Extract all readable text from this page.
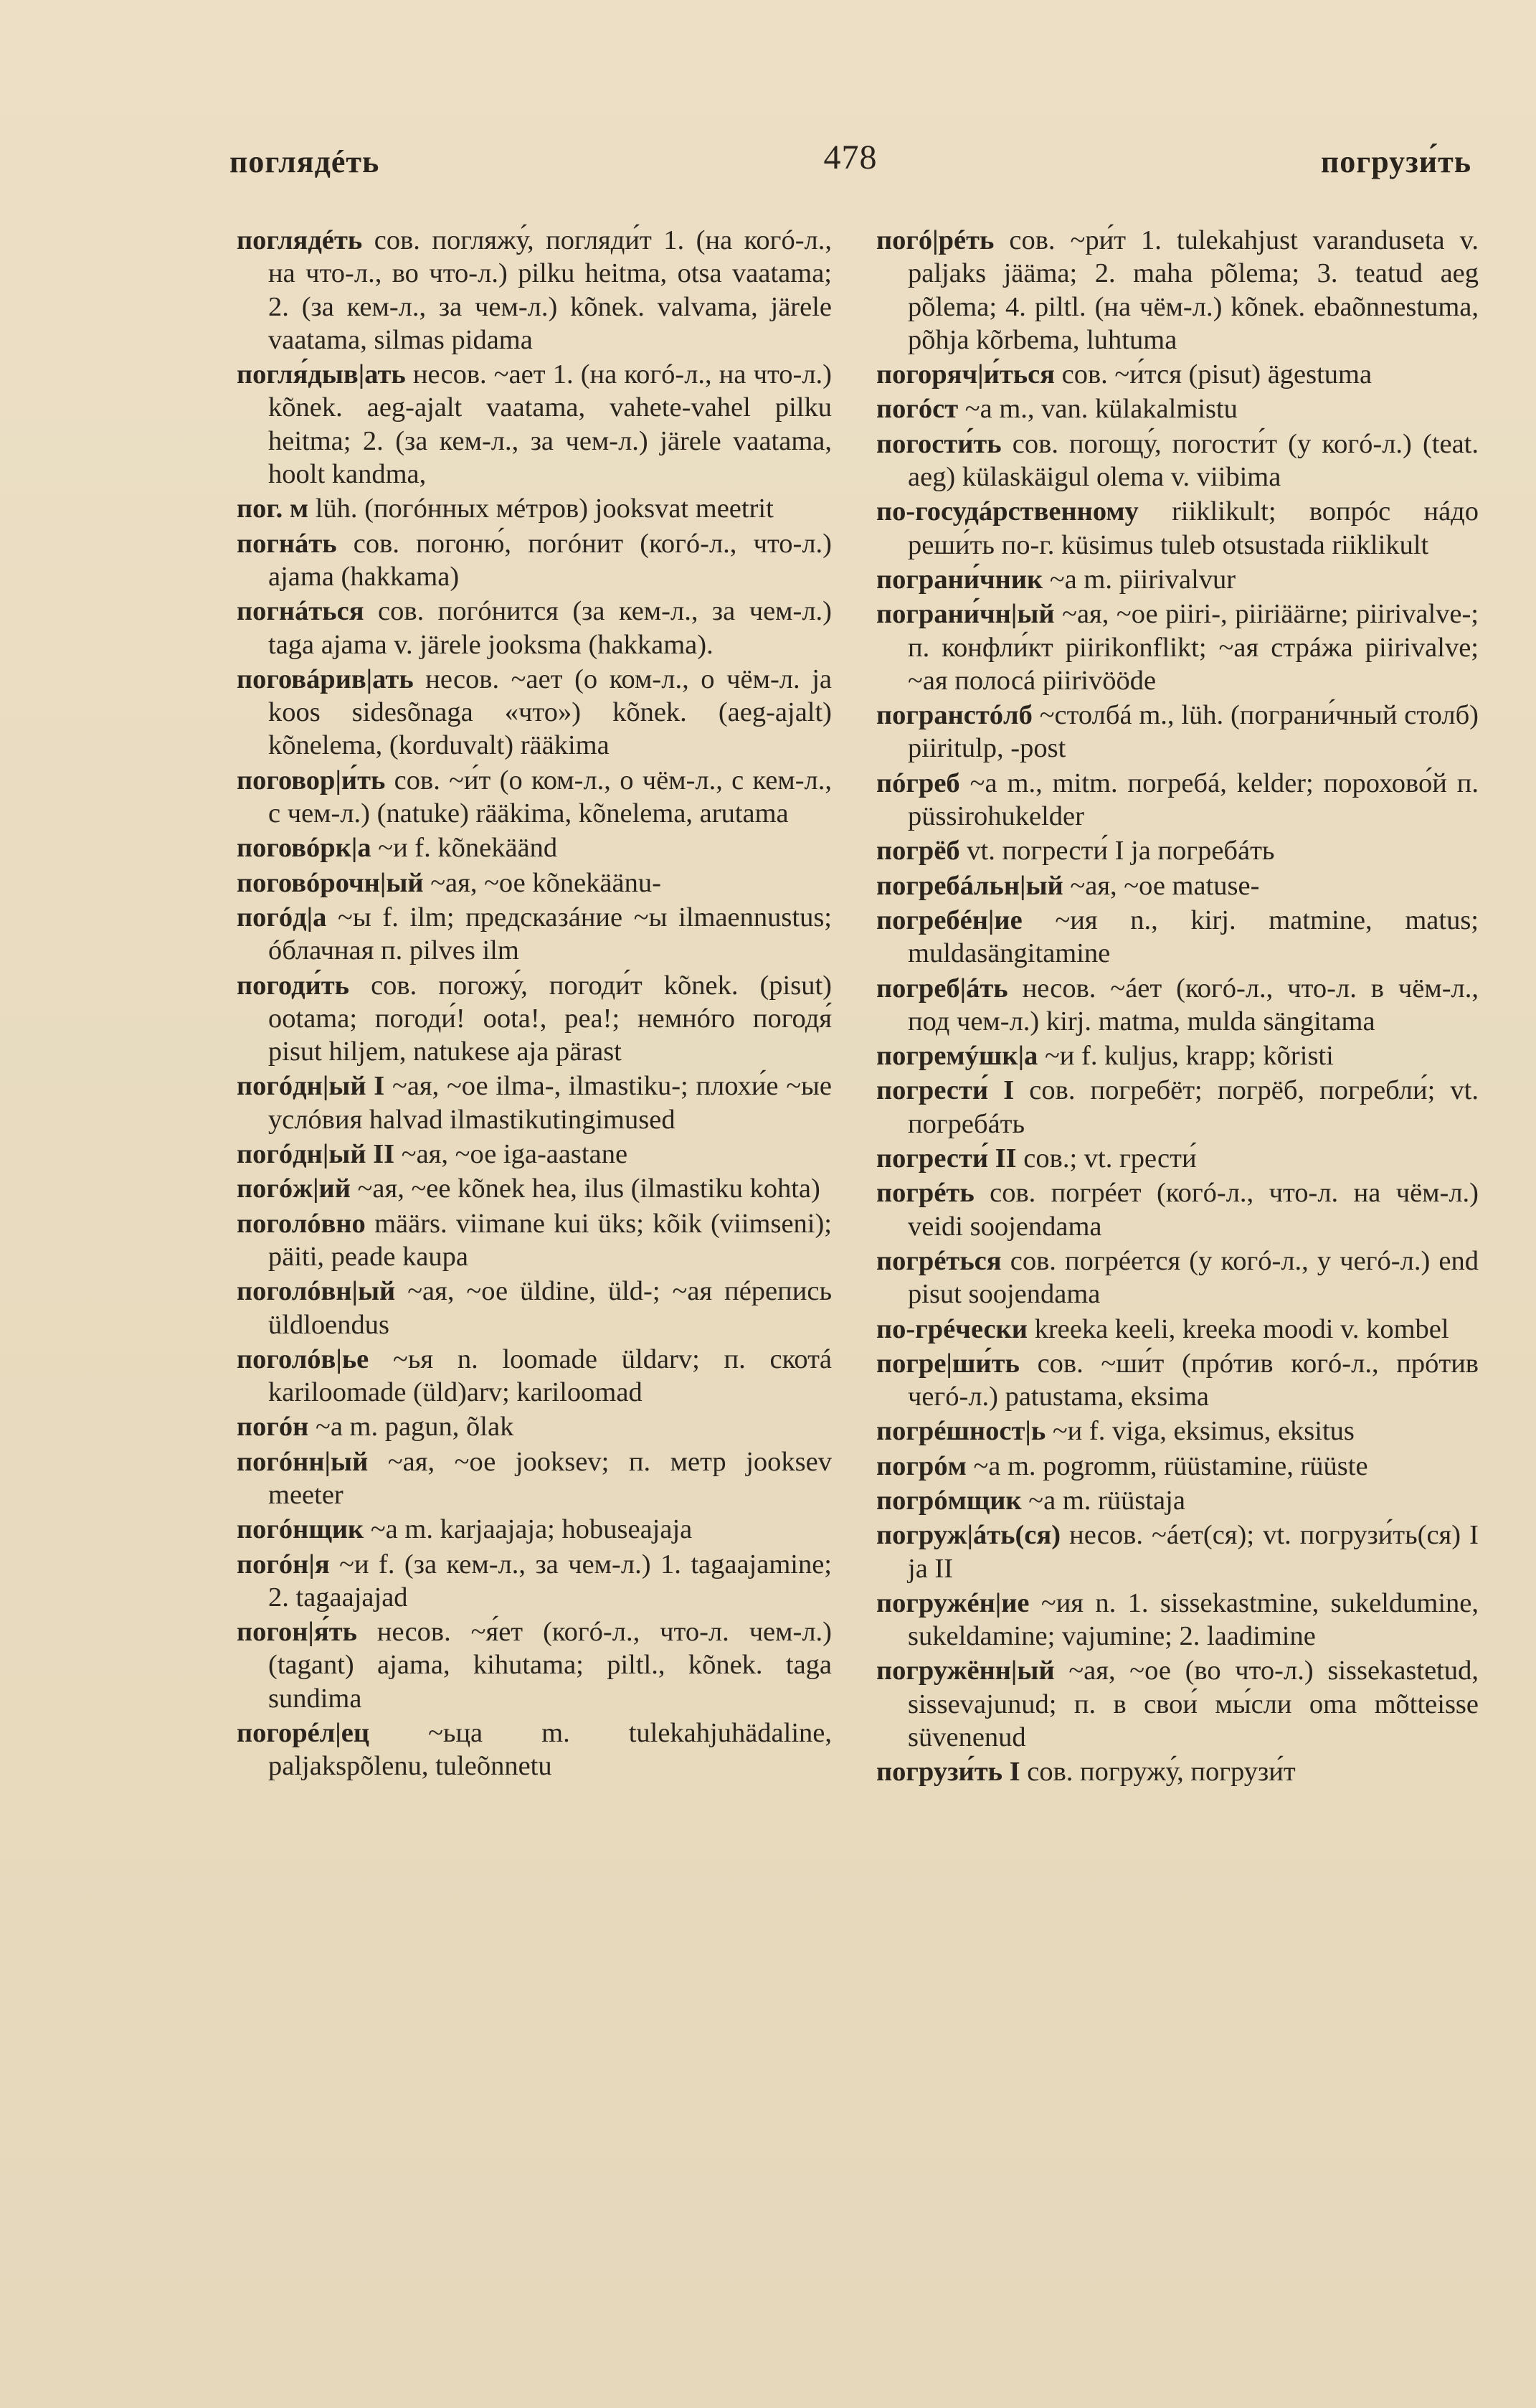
поглядéть	478	погрузи́ть

поглядéть сов. погляжу́, погляди́т 1. (на когó-л., на что-л., во что-л.) pilku heitma, otsa vaatama; 2. (за кем-л., за чем-л.) kõnek. valvama, järele vaatama, silmas pidama

погля́дыв|ать несов. ~ает 1. (на когó-л., на что-л.) kõnek. aeg-ajalt vaatama, vahete-vahel pilku heitma; 2. (за кем-л., за чем-л.) järele vaatama, hoolt kandma,

пог. м lüh. (погóнных мéтров) jooksvat meetrit

погнáть сов. погоню́, погóнит (когó-л., что-л.) ajama (hakkama)

погнáться сов. погóнится (за кем-л., за чем-л.) taga ajama v. järele jooksma (hakkama).

поговáрив|ать несов. ~ает (о ком-л., о чём-л. ja koos sidesõnaga «что») kõnek. (aeg-ajalt) kõnelema, (korduvalt) rääkima

поговор|и́ть сов. ~и́т (о ком-л., о чём-л., с кем-л., с чем-л.) (natuke) rääkima, kõnelema, arutama

поговóрк|а ~и f. kõnekäänd

поговóрочн|ый ~ая, ~ое kõnekäänu-

погóд|а ~ы f. ilm; предсказáние ~ы ilmaennustus; óблачная п. pilves ilm

погоди́ть сов. погожу́, погоди́т kõnek. (pisut) ootama; погоди́! oota!, pea!; немнóго погодя́ pisut hiljem, natukese aja pärast

погóдн|ый I ~ая, ~ое ilma-, ilmastiku-; плохи́е ~ые услóвия halvad ilmastikutingimused

погóдн|ый II ~ая, ~ое iga-aastane

погóж|ий ~ая, ~ее kõnek hea, ilus (ilmastiku kohta)

поголóвно määrs. viimane kui üks; kõik (viimseni); päiti, peade kaupa

поголóвн|ый ~ая, ~ое üldine, üld-; ~ая пéрепись üldloendus

поголóв|ье ~ья n. loomade üldarv; п. скотá kariloomade (üld)arv; kariloomad

погóн ~а m. pagun, õlak

погóнн|ый ~ая, ~ое jooksev; п. метр jooksev meeter

погóнщик ~а m. karjaajaja; hobuseajaja

погóн|я ~и f. (за кем-л., за чем-л.) 1. tagaajamine; 2. tagaajajad

погон|я́ть несов. ~я́ет (когó-л., что-л. чем-л.) (tagant) ajama, kihutama; piltl., kõnek. taga sundima

погорéл|ец ~ьца m. tulekahjuhädaline, paljakspõlenu, tuleõnnetu

погó|рéть сов. ~ри́т 1. tulekahjust varanduseta v. paljaks jääma; 2. maha põlema; 3. teatud aeg põlema; 4. piltl. (на чём-л.) kõnek. ebaõnnestuma, põhja kõrbema, luhtuma

погоряч|и́ться сов. ~и́тся (pisut) ägestuma

погóст ~а m., van. külakalmistu

погости́ть сов. погощу́, погости́т (у когó-л.) (teat. aeg) külaskäigul olema v. viibima

по-госудáрственному riiklikult; вопрóс нáдо реши́ть по-г. küsimus tuleb otsustada riiklikult

пограни́чник ~а m. piirivalvur

пограни́чн|ый ~ая, ~ое piiri-, piiriäärne; piirivalve-; п. конфли́кт piirikonflikt; ~ая стрáжа piirivalve; ~ая полосá piirivööde

погранстóлб ~столбá m., lüh. (пограни́чный столб) piiritulp, -post

пóгреб ~а m., mitm. погребá, kelder; порохово́й п. püssirohukelder

погрёб vt. погрести́ I ja погребáть

погребáльн|ый ~ая, ~ое matuse-

погребéн|ие ~ия n., kirj. matmine, matus; muldasängitamine

погреб|áть несов. ~áет (когó-л., что-л. в чём-л., под чем-л.) kirj. matma, mulda sängitama

погремýшк|а ~и f. kuljus, krapp; kõristi

погрести́ I сов. погребёт; погрёб, погребли́; vt. погребáть

погрести́ II сов.; vt. грести́

погрéть сов. погрéет (когó-л., что-л. на чём-л.) veidi soojendama

погрéться сов. погрéется (у когó-л., у чегó-л.) end pisut soojendama

по-грéчески kreeka keeli, kreeka moodi v. kombel

погре|ши́ть сов. ~ши́т (прóтив когó-л., прóтив чегó-л.) patustama, eksima

погрéшност|ь ~и f. viga, eksimus, eksitus

погрóм ~а m. pogromm, rüüstamine, rüüste

погрóмщик ~а m. rüüstaja

погруж|áть(ся) несов. ~áет(ся); vt. погрузи́ть(ся) I ja II

погружéн|ие ~ия n. 1. sissekastmine, sukeldumine, sukeldamine; vajumine; 2. laadimine

погружённ|ый ~ая, ~ое (во что-л.) sissekastetud, sissevajunud; п. в свои́ мы́сли oma mõtteisse süvenenud

погрузи́ть I сов. погружу́, погрузи́т
